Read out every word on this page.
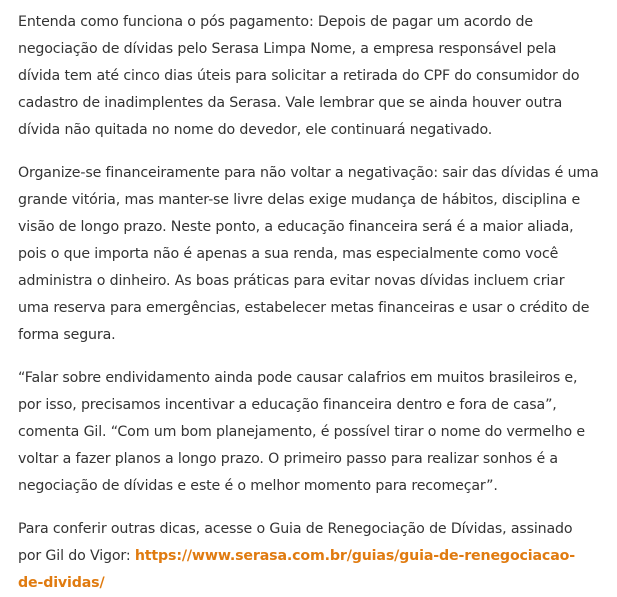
Entenda como funciona o pós pagamento: Depois de pagar um acordo de negociação de dívidas pelo Serasa Limpa Nome, a empresa responsável pela dívida tem até cinco dias úteis para solicitar a retirada do CPF do consumidor do cadastro de inadimplentes da Serasa. Vale lembrar que se ainda houver outra dívida não quitada no nome do devedor, ele continuará negativado.

Organize-se financeiramente para não voltar a negativação: sair das dívidas é uma grande vitória, mas manter-se livre delas exige mudança de hábitos, disciplina e visão de longo prazo. Neste ponto, a educação financeira será é a maior aliada, pois o que importa não é apenas a sua renda, mas especialmente como você administra o dinheiro. As boas práticas para evitar novas dívidas incluem criar uma reserva para emergências, estabelecer metas financeiras e usar o crédito de forma segura.

“Falar sobre endividamento ainda pode causar calafrios em muitos brasileiros e, por isso, precisamos incentivar a educação financeira dentro e fora de casa”, comenta Gil. “Com um bom planejamento, é possível tirar o nome do vermelho e voltar a fazer planos a longo prazo. O primeiro passo para realizar sonhos é a negociação de dívidas e este é o melhor momento para recomeçar”.

Para conferir outras dicas, acesse o Guia de Renegociação de Dívidas, assinado por Gil do Vigor: https://www.serasa.com.br/guias/guia-de-renegociacao-de-dividas/
